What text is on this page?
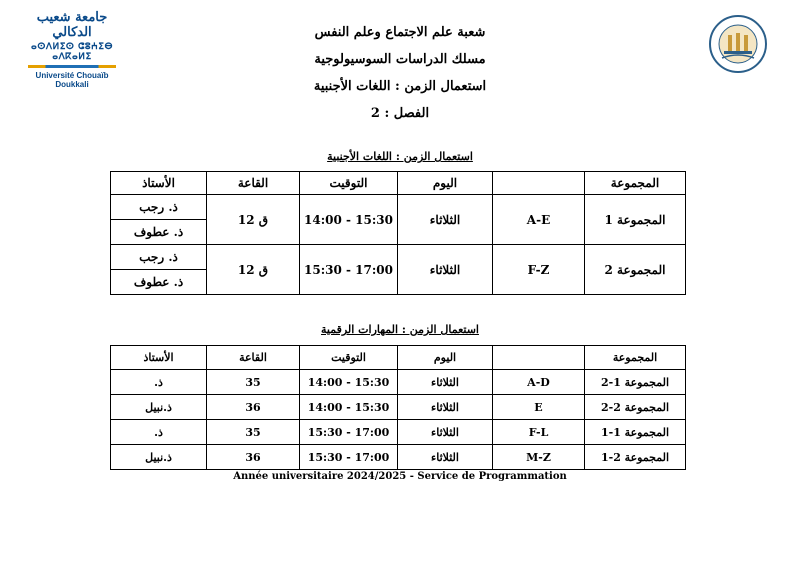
جامعة شعيب الدكالي
ⴰⵙⴷⵍⵉⵙ ⵛⵓⵄⵉⴱ ⴰⴷⴽⴰⵍⵉ
Université Chouaïb Doukkali
شعبة علم الاجتماع وعلم النفس
مسلك الدراسات السوسيولوجية
استعمال الزمن : اللغات الأجنبية
الفصل : 2
استعمال الزمن : اللغات الأجنبية
المجموعة		اليوم	التوقيت	القاعة	الأستاذ
المجموعة 1	A-E	الثلاثاء	14:00 - 15:30	ق 12	ذ. رجب
					ذ. عطوف
المجموعة 2	F-Z	الثلاثاء	15:30 - 17:00	ق 12	ذ. رجب
					ذ. عطوف
استعمال الزمن : المهارات الرقمية
المجموعة		اليوم	التوقيت	القاعة	الأستاذ
المجموعة 1-2	A-D	الثلاثاء	14:00 - 15:30	35	ذ.
المجموعة 2-2	E	الثلاثاء	14:00 - 15:30	36	ذ.نبيل
المجموعة 1-1	F-L	الثلاثاء	15:30 - 17:00	35	ذ.
المجموعة 2-1	M-Z	الثلاثاء	15:30 - 17:00	36	ذ.نبيل
Année universitaire 2024/2025 - Service de Programmation
